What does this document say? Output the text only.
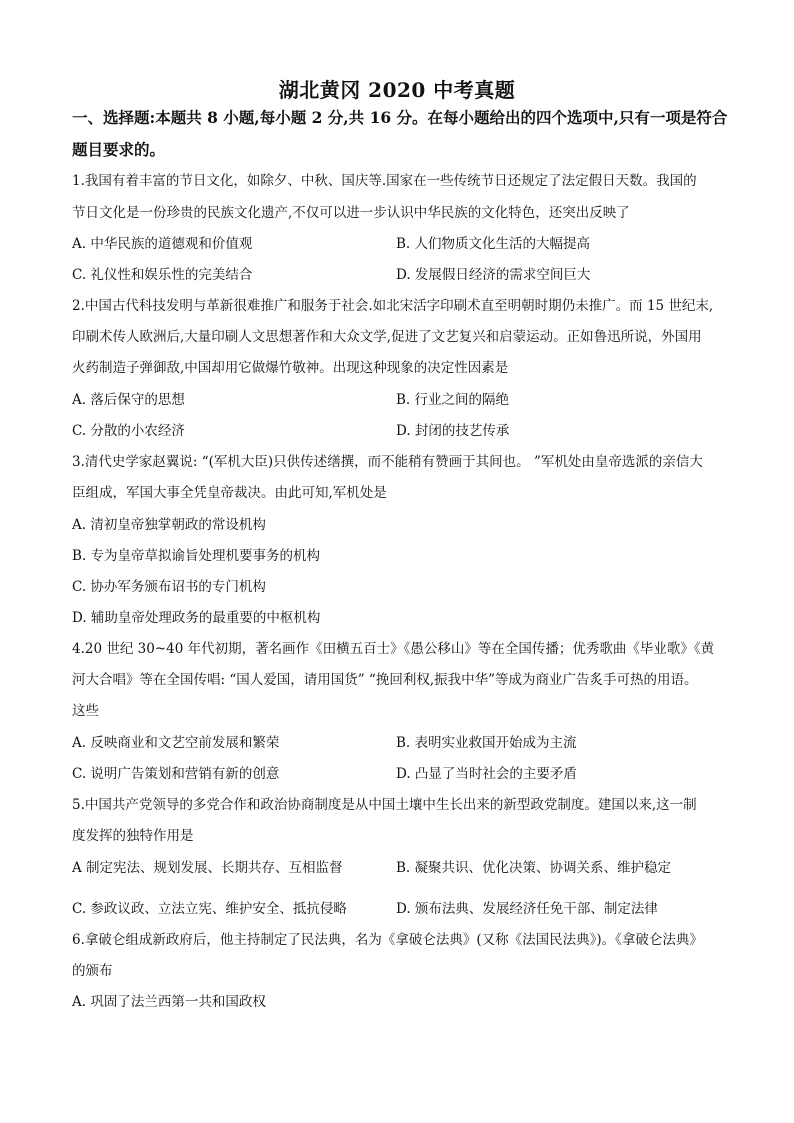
湖北黄冈 2020 中考真题
一、选择题:本题共 8 小题,每小题 2 分,共 16 分。在每小题给出的四个选项中,只有一项是符合
题目要求的。
1.我国有着丰富的节日文化，如除夕、中秋、国庆等.国家在一些传统节日还规定了法定假日天数。我国的
节日文化是一份珍贵的民族文化遗产,不仅可以进一步认识中华民族的文化特色，还突出反映了
A. 中华民族的道德观和价值观	B. 人们物质文化生活的大幅提高
C. 礼仪性和娱乐性的完美结合	D. 发展假日经济的需求空间巨大
2.中国古代科技发明与革新很难推广和服务于社会.如北宋活字印刷术直至明朝时期仍未推广。而 15 世纪末,
印刷术传人欧洲后,大量印刷人文思想著作和大众文学,促进了文艺复兴和启蒙运动。正如鲁迅所说，外国用
火药制造子弹御敌,中国却用它做爆竹敬神。出现这种现象的决定性因素是
A. 落后保守的思想	B. 行业之间的隔绝
C. 分散的小农经济	D. 封闭的技艺传承
3.清代史学家赵翼说: “(军机大臣)只供传述缮撰，而不能稍有赞画于其间也。 ”军机处由皇帝选派的亲信大
臣组成，军国大事全凭皇帝裁决。由此可知,军机处是
A. 清初皇帝独掌朝政的常设机构
B. 专为皇帝草拟谕旨处理机要事务的机构
C. 协办军务颁布诏书的专门机构
D. 辅助皇帝处理政务的最重要的中枢机构
4.20 世纪 30~40 年代初期，著名画作《田横五百士》《愚公移山》等在全国传播；优秀歌曲《毕业歌》《黄
河大合唱》等在全国传唱: “国人爱国，请用国货” “挽回利权,振我中华”等成为商业广告炙手可热的用语。
这些
A. 反映商业和文艺空前发展和繁荣	B. 表明实业救国开始成为主流
C. 说明广告策划和营销有新的创意	D. 凸显了当时社会的主要矛盾
5.中国共产党领导的多党合作和政治协商制度是从中国土壤中生长出来的新型政党制度。建国以来,这一制
度发挥的独特作用是
A 制定宪法、规划发展、长期共存、互相监督	B. 凝聚共识、优化决策、协调关系、维护稳定
C. 参政议政、立法立宪、维护安全、抵抗侵略	D. 颁布法典、发展经济任免干部、制定法律
6.拿破仑组成新政府后，他主持制定了民法典，名为《拿破仑法典》(又称《法国民法典》)。《拿破仑法典》
的颁布
A. 巩固了法兰西第一共和国政权
